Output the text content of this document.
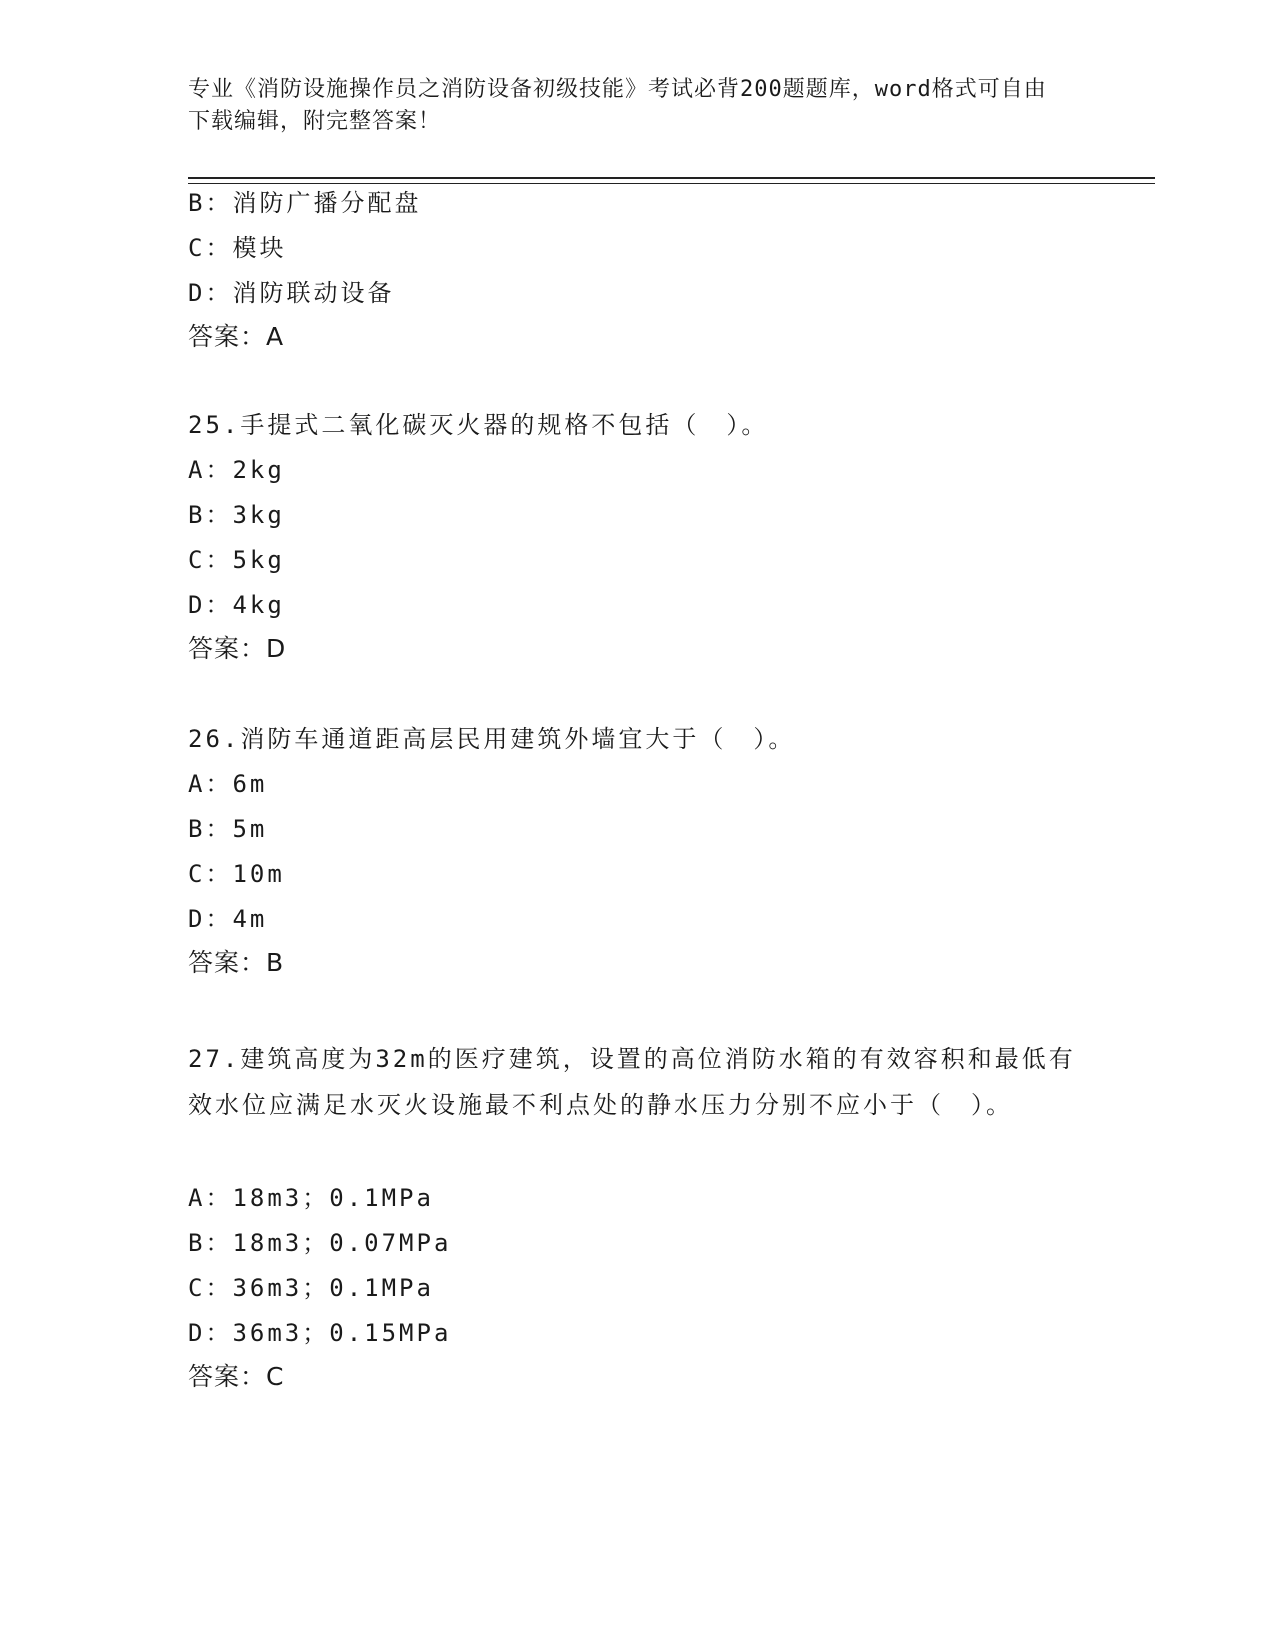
专业《消防设施操作员之消防设备初级技能》考试必背200题题库，word格式可自由下载编辑，附完整答案！
B：消防广播分配盘
C：模块
D：消防联动设备
答案：A
25.手提式二氧化碳灭火器的规格不包括（　）。
A：2kg
B：3kg
C：5kg
D：4kg
答案：D
26.消防车通道距高层民用建筑外墙宜大于（　）。
A：6m
B：5m
C：10m
D：4m
答案：B
27.建筑高度为32m的医疗建筑，设置的高位消防水箱的有效容积和最低有效水位应满足水灭火设施最不利点处的静水压力分别不应小于（　）。
A：18m3；0.1MPa
B：18m3；0.07MPa
C：36m3；0.1MPa
D：36m3；0.15MPa
答案：C
